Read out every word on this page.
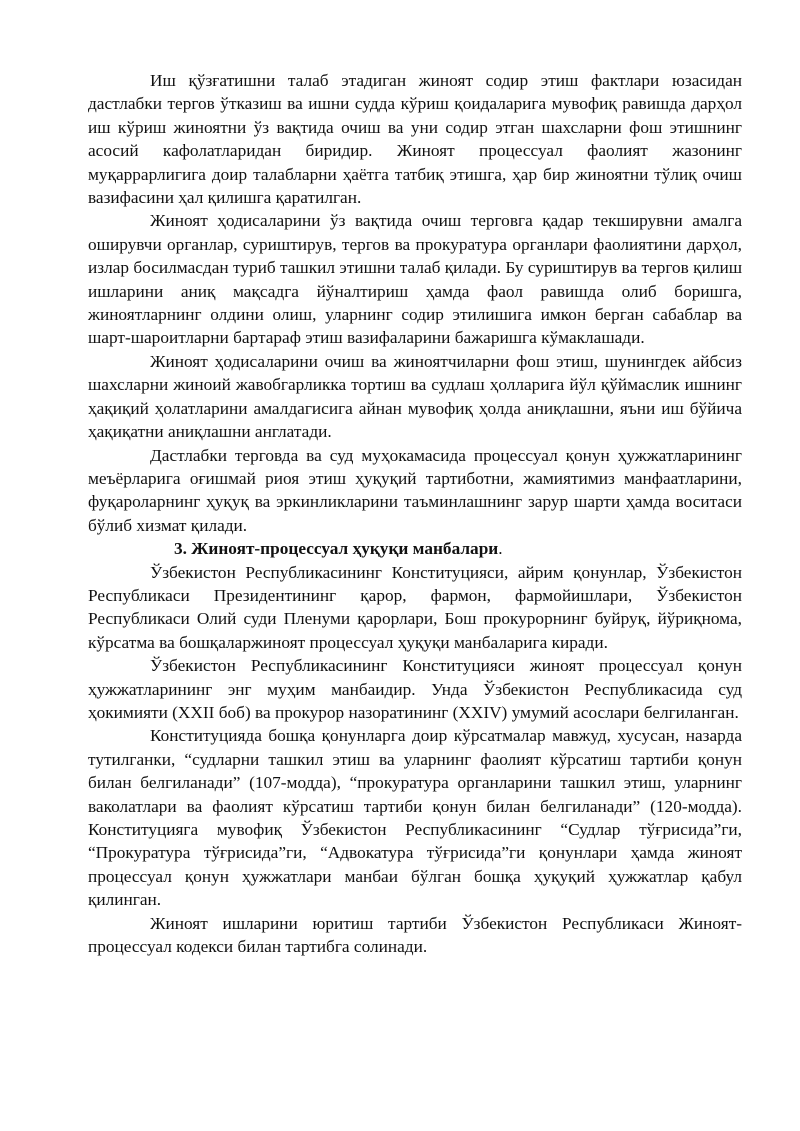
Иш қўзғатишни талаб этадиган жиноят содир этиш фактлари юзасидан дастлабки тергов ўтказиш ва ишни судда кўриш қоидаларига мувофиқ равишда дарҳол иш кўриш жиноятни ўз вақтида очиш ва уни содир этган шахсларни фош этишнинг асосий кафолатларидан биридир. Жиноят процессуал фаолият жазонинг муқаррарлигига доир талабларни ҳаётга татбиқ этишга, ҳар бир жиноятни тўлиқ очиш вазифасини ҳал қилишга қаратилган.

Жиноят ҳодисаларини ўз вақтида очиш терговга қадар текширувни амалга оширувчи органлар, суриштирув, тергов ва прокуратура органлари фаолиятини дарҳол, излар босилмасдан туриб ташкил этишни талаб қилади. Бу суриштирув ва тергов қилиш ишларини аниқ мақсадга йўналтириш ҳамда фаол равишда олиб боришга, жиноятларнинг олдини олиш, уларнинг содир этилишига имкон берган сабаблар ва шарт-шароитларни бартараф этиш вазифаларини бажаришга кўмаклашади.

Жиноят ҳодисаларини очиш ва жиноятчиларни фош этиш, шунингдек айбсиз шахсларни жиноий жавобгарликка тортиш ва судлаш ҳолларига йўл қўймаслик ишнинг ҳақиқий ҳолатларини амалдагисига айнан мувофиқ ҳолда аниқлашни, яъни иш бўйича ҳақиқатни аниқлашни англатади.

Дастлабки терговда ва суд муҳокамасида процессуал қонун ҳужжатларининг меъёрларига оғишмай риоя этиш ҳуқуқий тартиботни, жамиятимиз манфаатларини, фуқароларнинг ҳуқуқ ва эркинликларини таъминлашнинг зарур шарти ҳамда воситаси бўлиб хизмат қилади.

3. Жиноят-процессуал ҳуқуқи манбалари.

Ўзбекистон Республикасининг Конституцияси, айрим қонунлар, Ўзбекистон Республикаси Президентининг қарор, фармон, фармойишлари, Ўзбекистон Республикаси Олий суди Пленуми қарорлари, Бош прокурорнинг буйруқ, йўриқнома, кўрсатма ва бошқаларжиноят процессуал ҳуқуқи манбаларига киради.

Ўзбекистон Республикасининг Конституцияси жиноят процессуал қонун ҳужжатларининг энг муҳим манбаидир. Унда Ўзбекистон Республикасида суд ҳокимияти (XXII боб) ва прокурор назоратининг (XXIV) умумий асослари белгиланган.

Конституцияда бошқа қонунларга доир кўрсатмалар мавжуд, хусусан, назарда тутилганки, “судларни ташкил этиш ва уларнинг фаолият кўрсатиш тартиби қонун билан белгиланади” (107-модда), “прокуратура органларини ташкил этиш, уларнинг ваколатлари ва фаолият кўрсатиш тартиби қонун билан белгиланади” (120-модда). Конституцияга мувофиқ Ўзбекистон Республикасининг “Судлар тўғрисида”ги, “Прокуратура тўғрисида”ги, “Адвокатура тўғрисида”ги қонунлари ҳамда жиноят процессуал қонун ҳужжатлари манбаи бўлган бошқа ҳуқуқий ҳужжатлар қабул қилинган.

Жиноят ишларини юритиш тартиби Ўзбекистон Республикаси Жиноят-процессуал кодекси билан тартибга солинади.
